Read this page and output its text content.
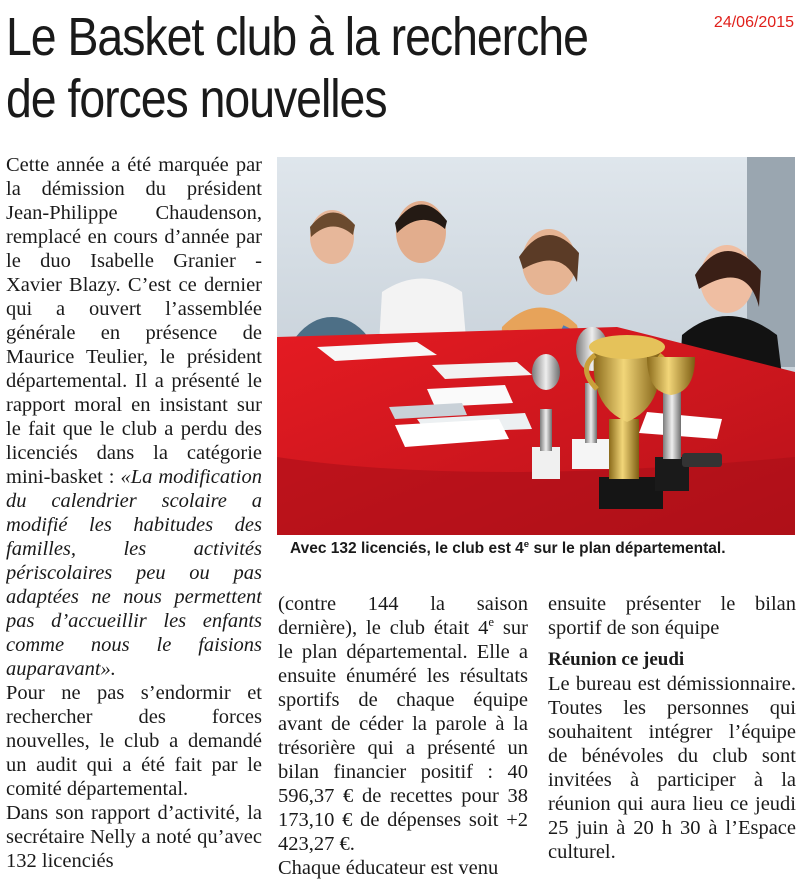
24/06/2015
Le Basket club à la recherche
de forces nouvelles

Cette année a été marquée par la démission du président Jean-Philippe Chaudenson, remplacé en cours d’année par le duo Isabelle Granier - Xavier Blazy. C’est ce dernier qui a ouvert l’assemblée générale en présence de Maurice Teulier, le président départemental. Il a présenté le rapport moral en insistant sur le fait que le club a perdu des licenciés dans la catégorie mini-basket : «La modification du calendrier scolaire a modifié les habitudes des familles, les activités périscolaires peu ou pas adaptées ne nous permettent pas d’accueillir les enfants comme nous le faisions auparavant».

Pour ne pas s’endormir et rechercher des forces nouvelles, le club a demandé un audit qui a été fait par le comité départemental.

Dans son rapport d’activité, la secrétaire Nelly a noté qu’avec 132 licenciés

Avec 132 licenciés, le club est 4e sur le plan départemental.

(contre 144 la saison dernière), le club était 4e sur le plan départemental. Elle a ensuite énuméré les résultats sportifs de chaque équipe avant de céder la parole à la trésorière qui a présenté un bilan financier positif : 40 596,37 € de recettes pour 38 173,10 € de dépenses soit +2 423,27 €.

Chaque éducateur est venu

ensuite présenter le bilan sportif de son équipe

Réunion ce jeudi

Le bureau est démissionnaire. Toutes les personnes qui souhaitent intégrer l’équipe de bénévoles du club sont invitées à participer à la réunion qui aura lieu ce jeudi 25 juin à 20 h 30 à l’Espace culturel.
